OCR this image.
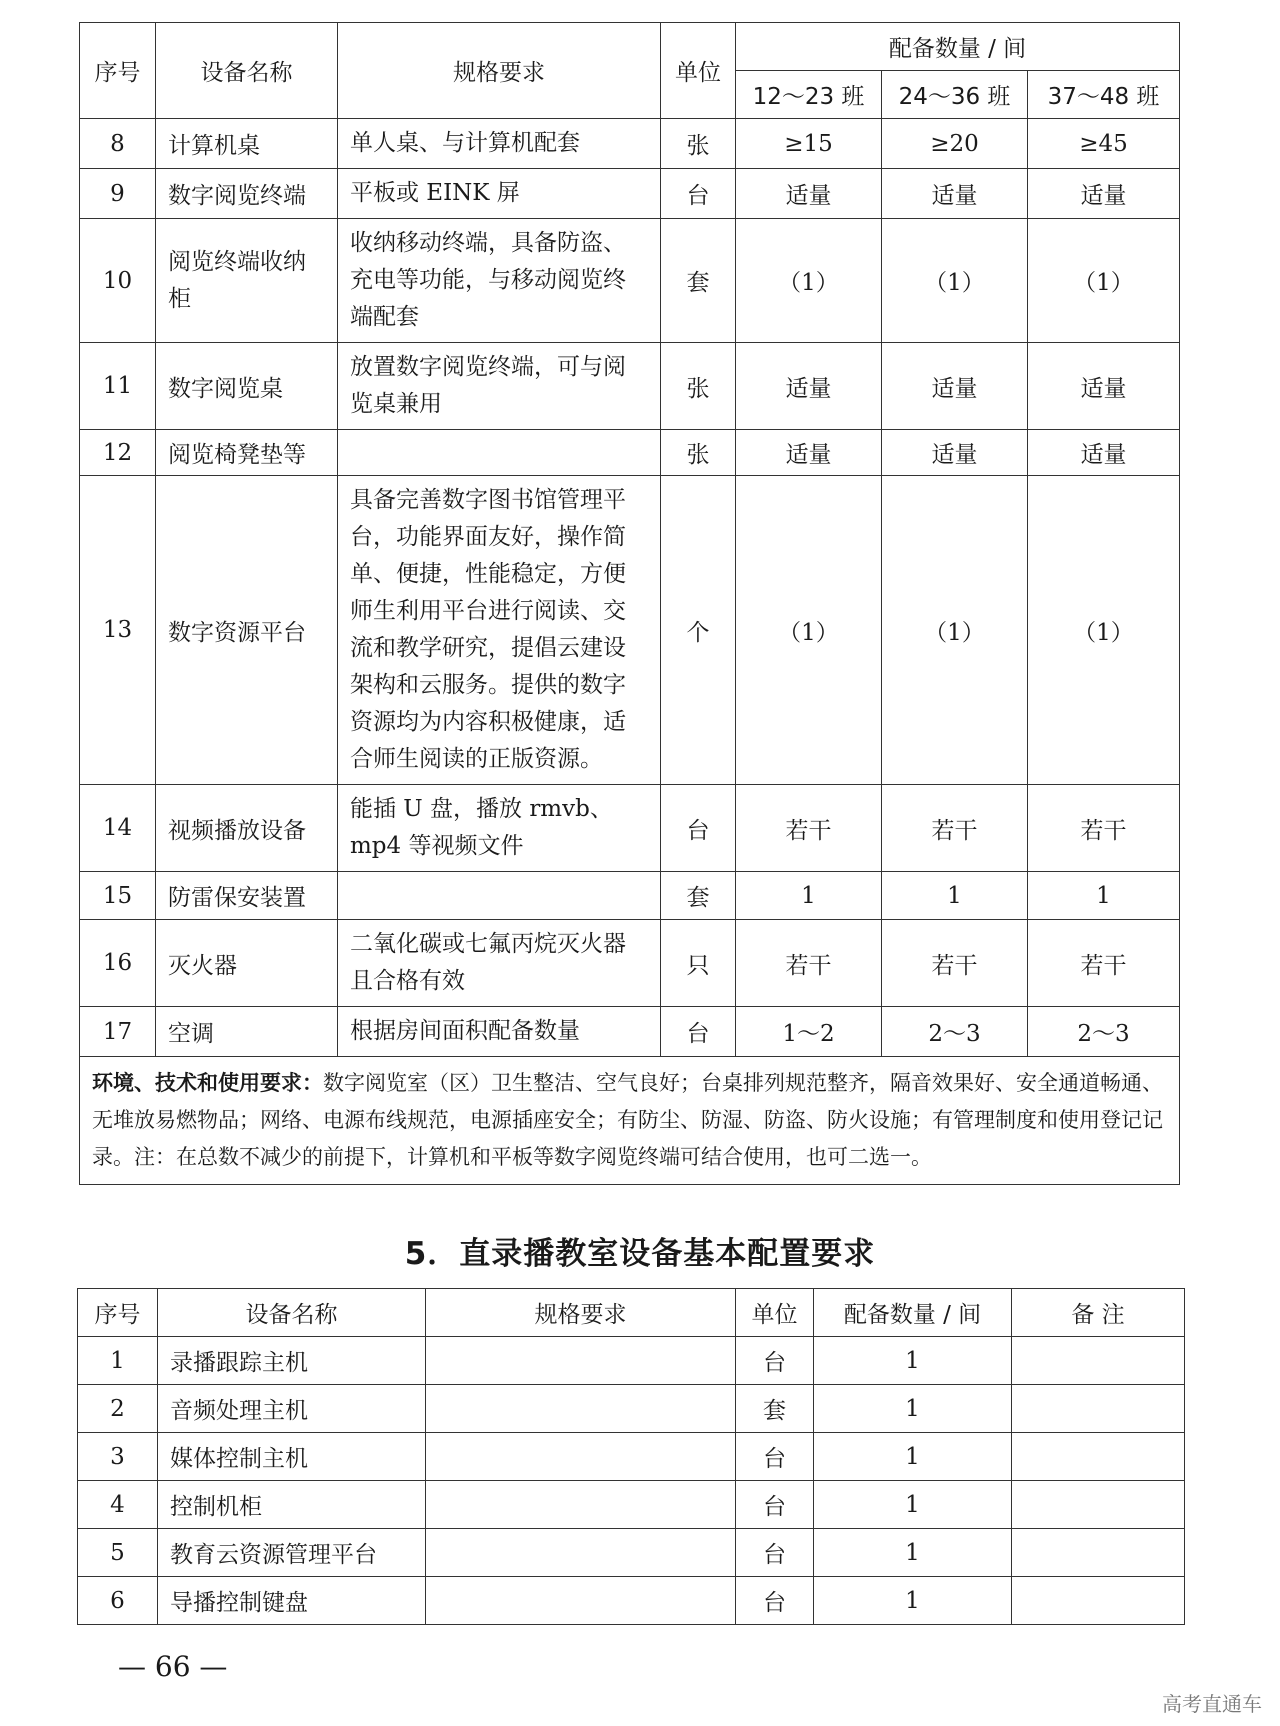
序号	设备名称	规格要求	单位	配备数量 / 间		
				12～23 班	24～36 班	37～48 班
8	计算机桌	单人桌、与计算机配套	张	≥15	≥20	≥45
9	数字阅览终端	平板或 EINK 屏	台	适量	适量	适量
10	阅览终端收纳柜	收纳移动终端，具备防盗、充电等功能，与移动阅览终端配套	套	（1）	（1）	（1）
11	数字阅览桌	放置数字阅览终端，可与阅览桌兼用	张	适量	适量	适量
12	阅览椅凳垫等		张	适量	适量	适量
13	数字资源平台	具备完善数字图书馆管理平台，功能界面友好，操作简单、便捷，性能稳定，方便师生利用平台进行阅读、交流和教学研究，提倡云建设架构和云服务。提供的数字资源均为内容积极健康，适合师生阅读的正版资源。	个	（1）	（1）	（1）
14	视频播放设备	能插 U 盘，播放 rmvb、mp4 等视频文件	台	若干	若干	若干
15	防雷保安装置		套	1	1	1
16	灭火器	二氧化碳或七氟丙烷灭火器且合格有效	只	若干	若干	若干
17	空调	根据房间面积配备数量	台	1～2	2～3	2～3
环境、技术和使用要求：数字阅览室（区）卫生整洁、空气良好；台桌排列规范整齐，隔音效果好、安全通道畅通、无堆放易燃物品；网络、电源布线规范，电源插座安全；有防尘、防湿、防盗、防火设施；有管理制度和使用登记记录。注：在总数不减少的前提下，计算机和平板等数字阅览终端可结合使用，也可二选一。						
5．直录播教室设备基本配置要求
序号	设备名称	规格要求	单位	配备数量 / 间	备 注
1	录播跟踪主机		台	1	
2	音频处理主机		套	1	
3	媒体控制主机		台	1	
4	控制机柜		台	1	
5	教育云资源管理平台		台	1	
6	导播控制键盘		台	1	
— 66 —
高考直通车
